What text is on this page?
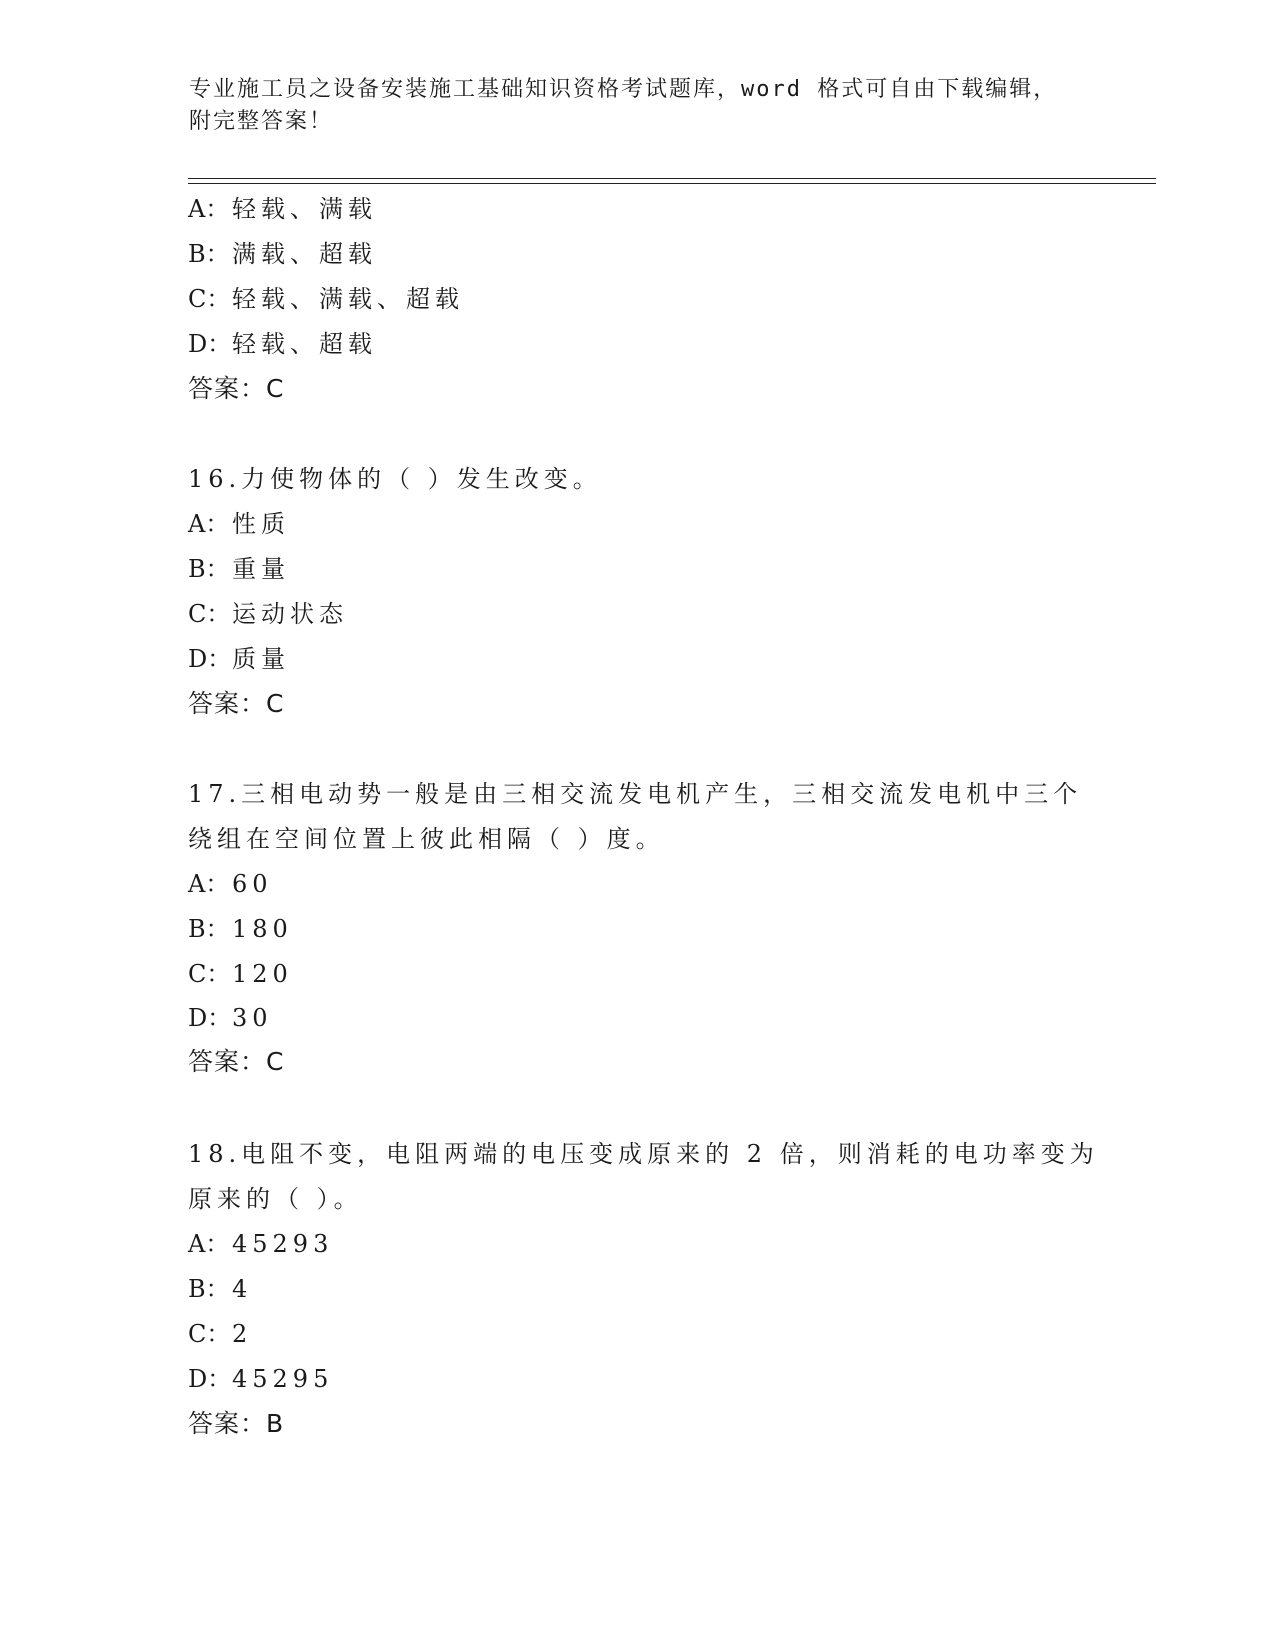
专业施工员之设备安装施工基础知识资格考试题库，word 格式可自由下载编辑，
附完整答案！
A： 轻载、满载
B：满载、超载
C：轻载、满载、超载
D：轻载、超载
答案：C
16.力使物体的（ ）发生改变。
A： 性质
B：重量
C：运动状态
D：质量
答案：C
17.三相电动势一般是由三相交流发电机产生，三相交流发电机中三个
绕组在空间位置上彼此相隔（ ）度。
A： 60
B：180
C：120
D：30
答案：C
18.电阻不变，电阻两端的电压变成原来的 2 倍，则消耗的电功率变为
原来的（ ）。
A： 45293
B：4
C：2
D：45295
答案：B
